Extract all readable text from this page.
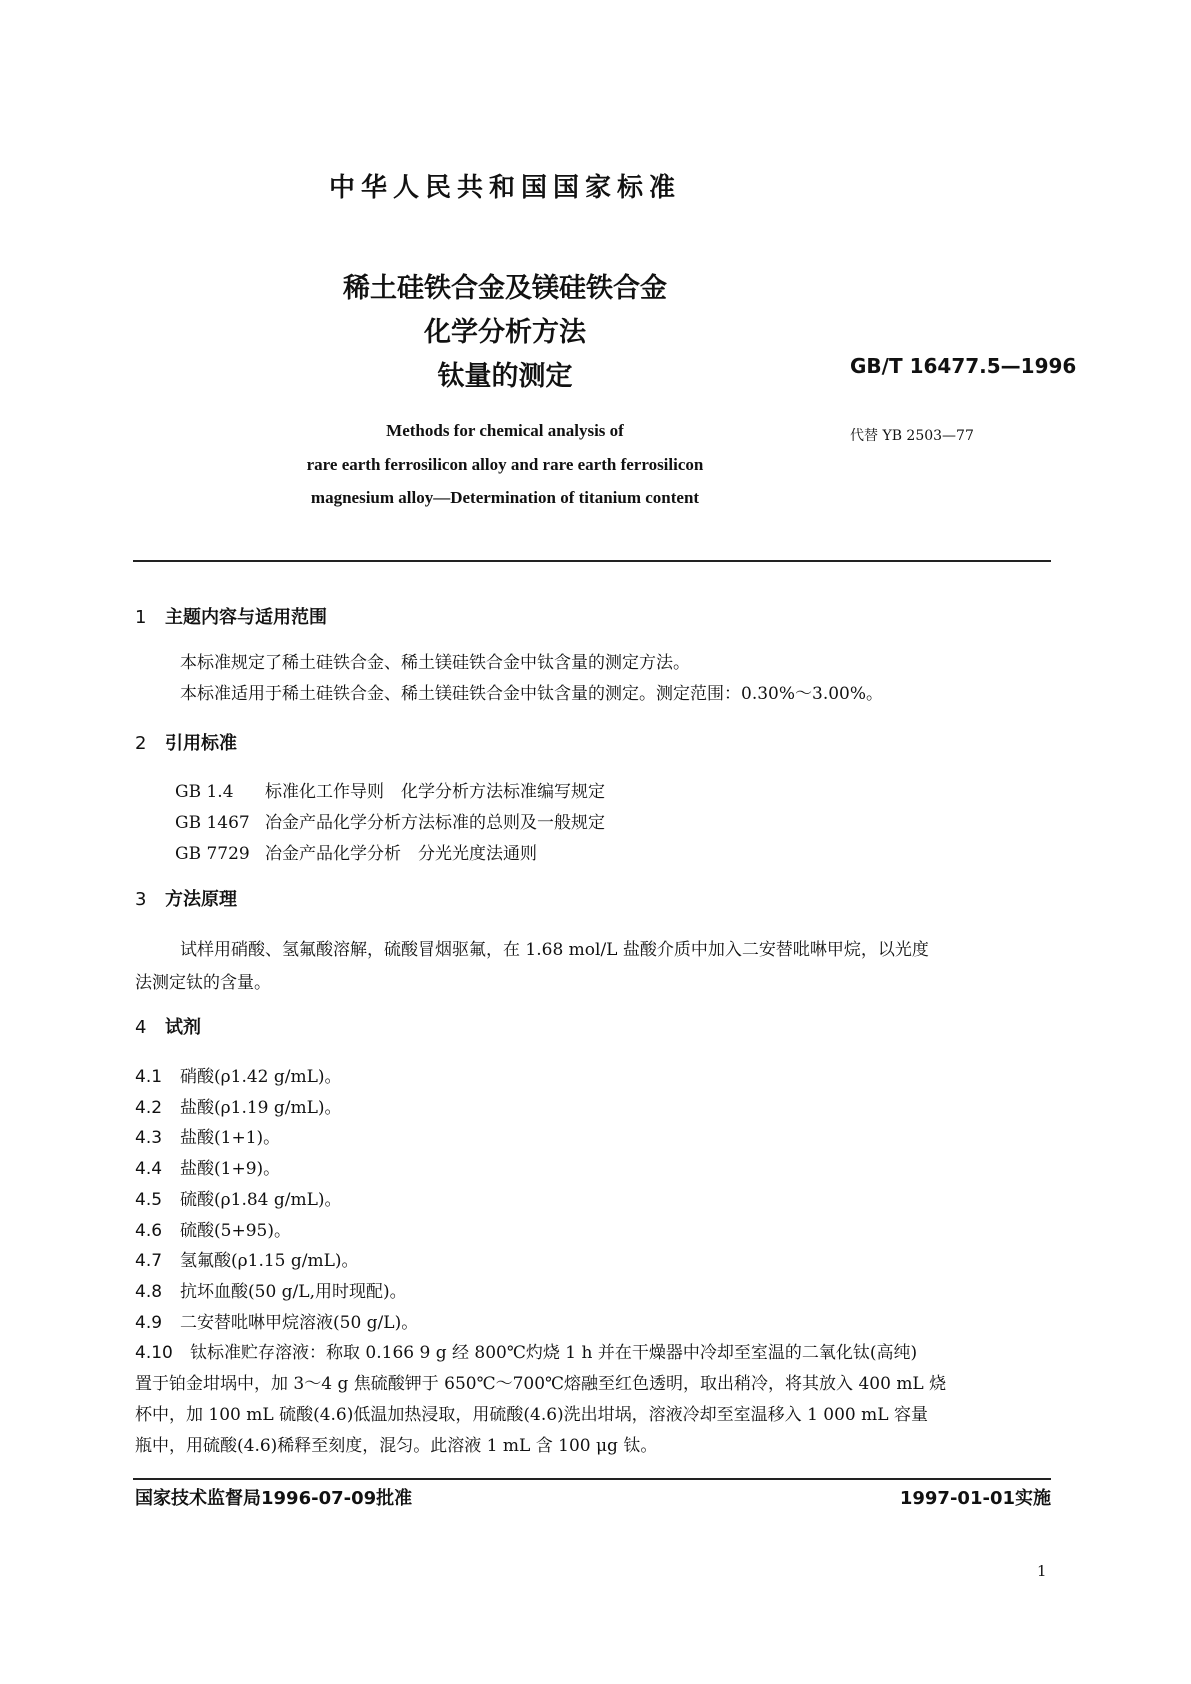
中华人民共和国国家标准
稀土硅铁合金及镁硅铁合金
化学分析方法
钛量的测定	GB/T 16477.5—1996
代替 YB 2503—77
Methods for chemical analysis of
rare earth ferrosilicon alloy and rare earth ferrosilicon
magnesium alloy—Determination of titanium content
1 主题内容与适用范围
本标准规定了稀土硅铁合金、稀土镁硅铁合金中钛含量的测定方法。
本标准适用于稀土硅铁合金、稀土镁硅铁合金中钛含量的测定。测定范围：0.30%～3.00%。
2 引用标准
GB 1.4 标准化工作导则　化学分析方法标准编写规定
GB 1467 冶金产品化学分析方法标准的总则及一般规定
GB 7729 冶金产品化学分析　分光光度法通则
3 方法原理
试样用硝酸、氢氟酸溶解，硫酸冒烟驱氟，在 1.68 mol/L 盐酸介质中加入二安替吡啉甲烷，以光度
法测定钛的含量。
4 试剂
4.1 硝酸(ρ1.42 g/mL)。
4.2 盐酸(ρ1.19 g/mL)。
4.3 盐酸(1+1)。
4.4 盐酸(1+9)。
4.5 硫酸(ρ1.84 g/mL)。
4.6 硫酸(5+95)。
4.7 氢氟酸(ρ1.15 g/mL)。
4.8 抗坏血酸(50 g/L,用时现配)。
4.9 二安替吡啉甲烷溶液(50 g/L)。
4.10 钛标准贮存溶液：称取 0.166 9 g 经 800℃灼烧 1 h 并在干燥器中冷却至室温的二氧化钛(高纯)
置于铂金坩埚中，加 3～4 g 焦硫酸钾于 650℃～700℃熔融至红色透明，取出稍冷，将其放入 400 mL 烧
杯中，加 100 mL 硫酸(4.6)低温加热浸取，用硫酸(4.6)洗出坩埚，溶液冷却至室温移入 1 000 mL 容量
瓶中，用硫酸(4.6)稀释至刻度，混匀。此溶液 1 mL 含 100 μg 钛。
国家技术监督局1996-07-09批准	1997-01-01实施
1
